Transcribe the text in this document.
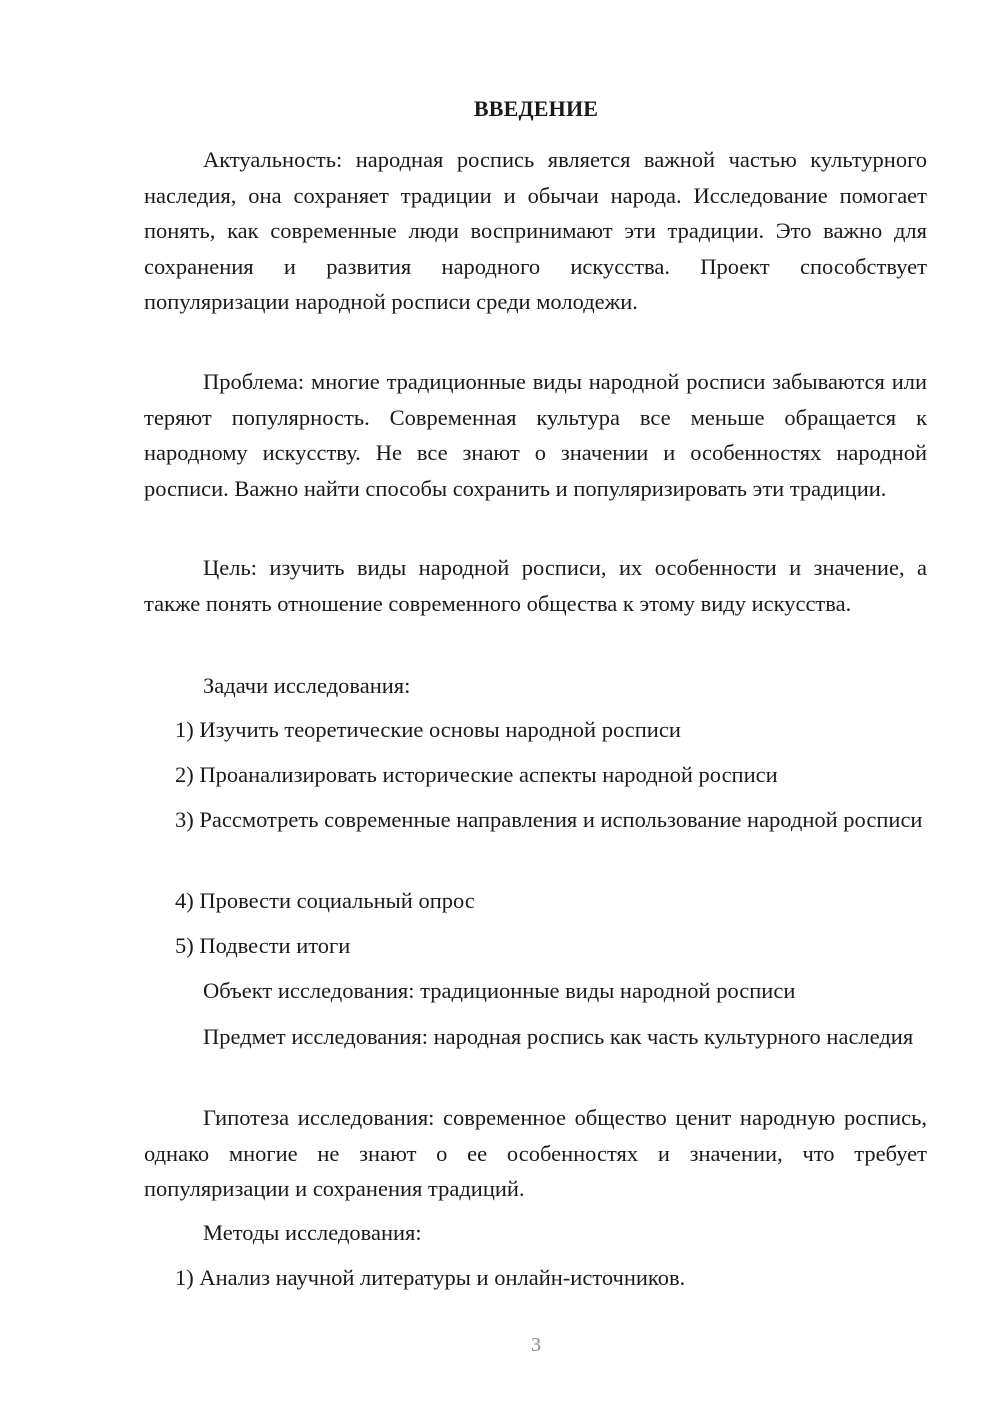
ВВЕДЕНИЕ
Актуальность: народная роспись является важной частью культурного наследия, она сохраняет традиции и обычаи народа. Исследование помогает понять, как современные люди воспринимают эти традиции. Это важно для сохранения и развития народного искусства. Проект способствует популяризации народной росписи среди молодежи.
Проблема: многие традиционные виды народной росписи забываются или теряют популярность. Современная культура все меньше обращается к народному искусству. Не все знают о значении и особенностях народной росписи. Важно найти способы сохранить и популяризировать эти традиции.
Цель: изучить виды народной росписи, их особенности и значение, а также понять отношение современного общества к этому виду искусства.
Задачи исследования:
1) Изучить теоретические основы народной росписи
2) Проанализировать исторические аспекты народной росписи
3) Рассмотреть современные направления и использование народной росписи
4) Провести социальный опрос
5) Подвести итоги
Объект исследования: традиционные виды народной росписи
Предмет исследования: народная роспись как часть культурного наследия
Гипотеза исследования: современное общество ценит народную роспись, однако многие не знают о ее особенностях и значении, что требует популяризации и сохранения традиций.
Методы исследования:
1) Анализ научной литературы и онлайн-источников.
3
